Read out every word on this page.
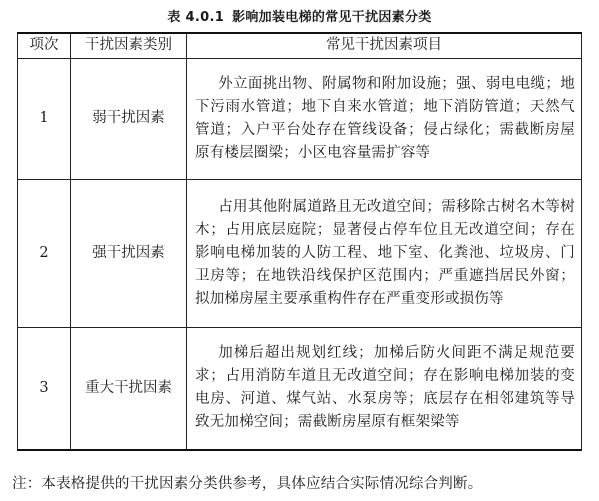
表 4.0.1 影响加装电梯的常见干扰因素分类
项次	干扰因素类别	常见干扰因素项目
1	弱干扰因素	外立面挑出物、附属物和附加设施；强、弱电电缆；地下污雨水管道；地下自来水管道；地下消防管道；天然气管道；入户平台处存在管线设备；侵占绿化；需截断房屋原有楼层圈梁；小区电容量需扩容等
2	强干扰因素	占用其他附属道路且无改道空间；需移除古树名木等树木；占用底层庭院；显著侵占停车位且无改道空间；存在影响电梯加装的人防工程、地下室、化粪池、垃圾房、门卫房等；在地铁沿线保护区范围内；严重遮挡居民外窗；拟加梯房屋主要承重构件存在严重变形或损伤等
3	重大干扰因素	加梯后超出规划红线；加梯后防火间距不满足规范要求；占用消防车道且无改道空间；存在影响电梯加装的变电房、河道、煤气站、水泵房等；底层存在相邻建筑等导致无加梯空间；需截断房屋原有框架梁等
注：本表格提供的干扰因素分类供参考，具体应结合实际情况综合判断。
